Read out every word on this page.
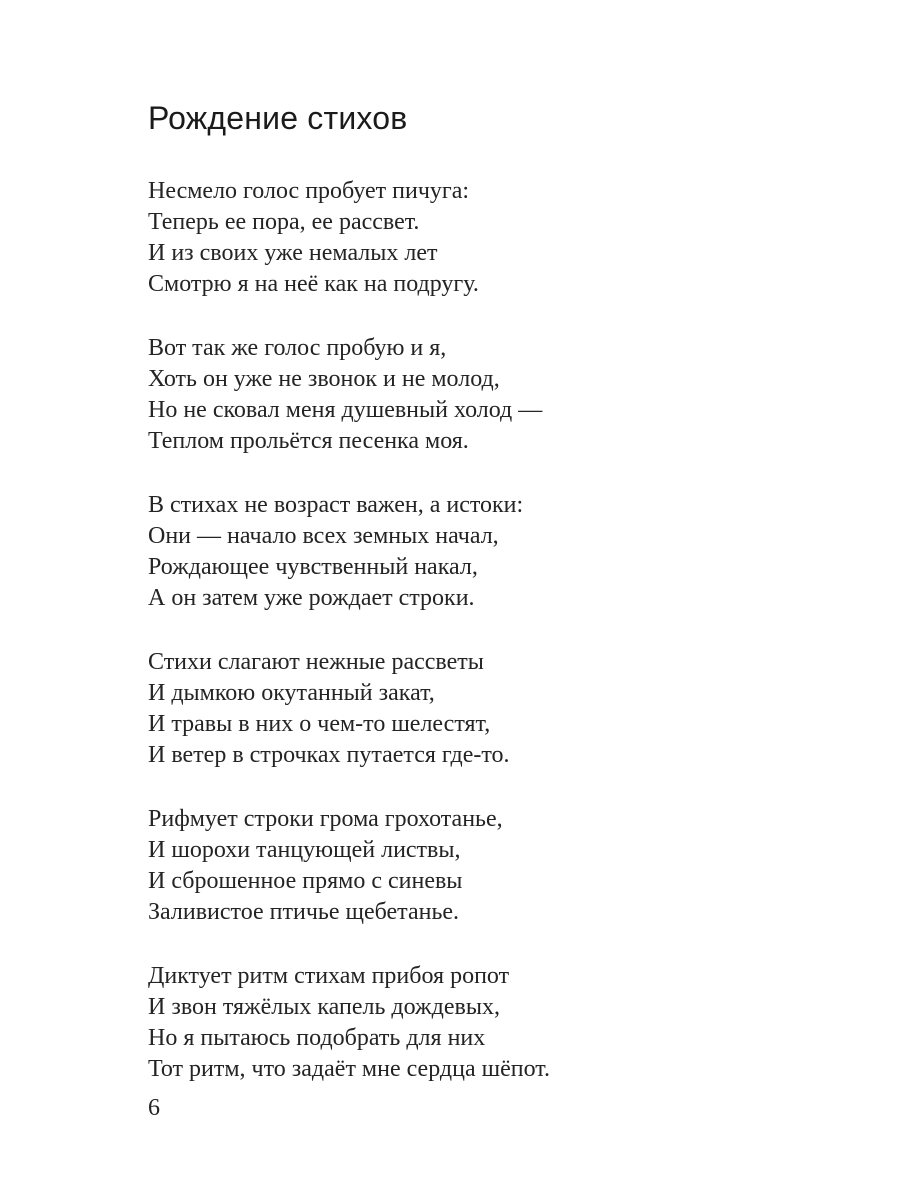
Рождение стихов

Несмело голос пробует пичуга:
Теперь ее пора, ее рассвет.
И из своих уже немалых лет
Смотрю я на неё как на подругу.

Вот так же голос пробую и я,
Хоть он уже не звонок и не молод,
Но не сковал меня душевный холод —
Теплом прольётся песенка моя.

В стихах не возраст важен, а истоки:
Они — начало всех земных начал,
Рождающее чувственный накал,
А он затем уже рождает строки.

Стихи слагают нежные рассветы
И дымкою окутанный закат,
И травы в них о чем-то шелестят,
И ветер в строчках путается где-то.

Рифмует строки грома грохотанье,
И шорохи танцующей листвы,
И сброшенное прямо с синевы
Заливистое птичье щебетанье.

Диктует ритм стихам прибоя ропот
И звон тяжёлых капель дождевых,
Но я пытаюсь подобрать для них
Тот ритм, что задаёт мне сердца шёпот.

6
